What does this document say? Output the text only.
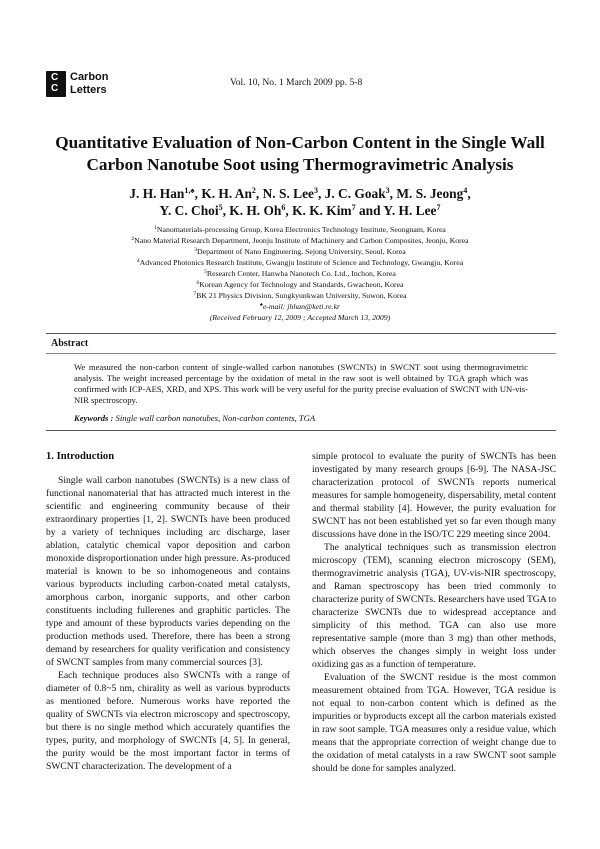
C
C
Carbon
Letters
Vol. 10, No. 1 March 2009 pp. 5-8
Quantitative Evaluation of Non-Carbon Content in the Single Wall
Carbon Nanotube Soot using Thermogravimetric Analysis
J. H. Han$^{1,♠}$, K. H. An$^2$, N. S. Lee$^3$, J. C. Goak$^3$, M. S. Jeong$^4$,
Y. C. Choi$^5$, K. H. Oh$^6$, K. K. Kim$^7$ and Y. H. Lee$^7$
$^1$Nanomaterials-processing Group, Korea Electronics Technology Institute, Seongnam, Korea
$^2$Nano Material Research Department, Jeonju Institute of Machinery and Carbon Composites, Jeonju, Korea
$^3$Department of Nano Engineering, Sejong University, Seoul, Korea
$^4$Advanced Photonics Research Institute, Gwangju Institute of Science and Technology, Gwangju, Korea
$^5$Research Center, Hanwha Nanotech Co. Ltd., Inchon, Korea
$^6$Korean Agency for Technology and Standards, Gwacheon, Korea
$^7$BK 21 Physics Division, Sungkyunkwan University, Suwon, Korea
♠e-mail: jhhan@keti.re.kr
(Received February 12, 2009 ; Accepted March 13, 2009)
Abstract
We measured the non-carbon content of single-walled carbon nanotubes (SWCNTs) in SWCNT soot using thermogravimetric analysis. The weight increased percentage by the oxidation of metal in the raw soot is well obtained by TGA graph which was confirmed with ICP-AES, XRD, and XPS. This work will be very useful for the purity precise evaluation of SWCNT with UN-vis-NIR spectroscopy.
Keywords : Single wall carbon nanotubes, Non-carbon contents, TGA
1. Introduction

Single wall carbon nanotubes (SWCNTs) is a new class of functional nanomaterial that has attracted much interest in the scientific and engineering community because of their extraordinary properties [1, 2]. SWCNTs have been produced by a variety of techniques including arc discharge, laser ablation, catalytic chemical vapor deposition and carbon monoxide disproportionation under high pressure. As-produced material is known to be so inhomogeneous and contains various byproducts including carbon-coated metal catalysts, amorphous carbon, inorganic supports, and other carbon constituents including fullerenes and graphitic particles. The type and amount of these byproducts varies depending on the production methods used. Therefore, there has been a strong demand by researchers for quality verification and consistency of SWCNT samples from many commercial sources [3].

Each technique produces also SWCNTs with a range of diameter of 0.8~5 nm, chirality as well as various byproducts as mentioned before. Numerous works have reported the quality of SWCNTs via electron microscopy and spectroscopy, but there is no single method which accurately quantifies the types, purity, and morphology of SWCNTs [4, 5]. In general, the purity would be the most important factor in terms of SWCNT characterization. The development of a

simple protocol to evaluate the purity of SWCNTs has been investigated by many research groups [6-9]. The NASA-JSC characterization protocol of SWCNTs reports numerical measures for sample homogeneity, dispersability, metal content and thermal stability [4]. However, the purity evaluation for SWCNT has not been established yet so far even though many discussions have done in the ISO/TC 229 meeting since 2004.

The analytical techniques such as transmission electron microscopy (TEM), scanning electron microscopy (SEM), thermogravimetric analysis (TGA), UV-vis-NIR spectroscopy, and Raman spectroscopy has been tried commonly to characterize purity of SWCNTs. Researchers have used TGA to characterize SWCNTs due to widespread acceptance and simplicity of this method. TGA can also use more representative sample (more than 3 mg) than other methods, which observes the changes simply in weight loss under oxidizing gas as a function of temperature.

Evaluation of the SWCNT residue is the most common measurement obtained from TGA. However, TGA residue is not equal to non-carbon content which is defined as the impurities or byproducts except all the carbon materials existed in raw soot sample. TGA measures only a residue value, which means that the appropriate correction of weight change due to the oxidation of metal catalysts in a raw SWCNT soot sample should be done for samples analyzed.
